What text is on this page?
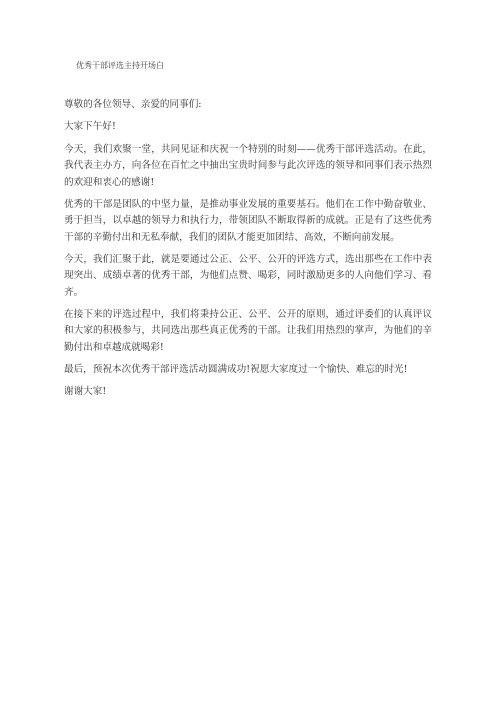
优秀干部评选主持开场白

尊敬的各位领导、亲爱的同事们:

大家下午好!

今天，我们欢聚一堂，共同见证和庆祝一个特别的时刻——优秀干部评选活动。在此，我代表主办方，向各位在百忙之中抽出宝贵时间参与此次评选的领导和同事们表示热烈的欢迎和衷心的感谢!

优秀的干部是团队的中坚力量，是推动事业发展的重要基石。他们在工作中勤奋敬业、勇于担当，以卓越的领导力和执行力，带领团队不断取得新的成就。正是有了这些优秀干部的辛勤付出和无私奉献，我们的团队才能更加团结、高效，不断向前发展。

今天，我们汇聚于此，就是要通过公正、公平、公开的评选方式，选出那些在工作中表现突出、成绩卓著的优秀干部，为他们点赞、喝彩，同时激励更多的人向他们学习、看齐。

在接下来的评选过程中，我们将秉持公正、公平、公开的原则，通过评委们的认真评议和大家的积极参与，共同选出那些真正优秀的干部。让我们用热烈的掌声，为他们的辛勤付出和卓越成就喝彩!

最后，预祝本次优秀干部评选活动圆满成功!祝愿大家度过一个愉快、难忘的时光!

谢谢大家!
